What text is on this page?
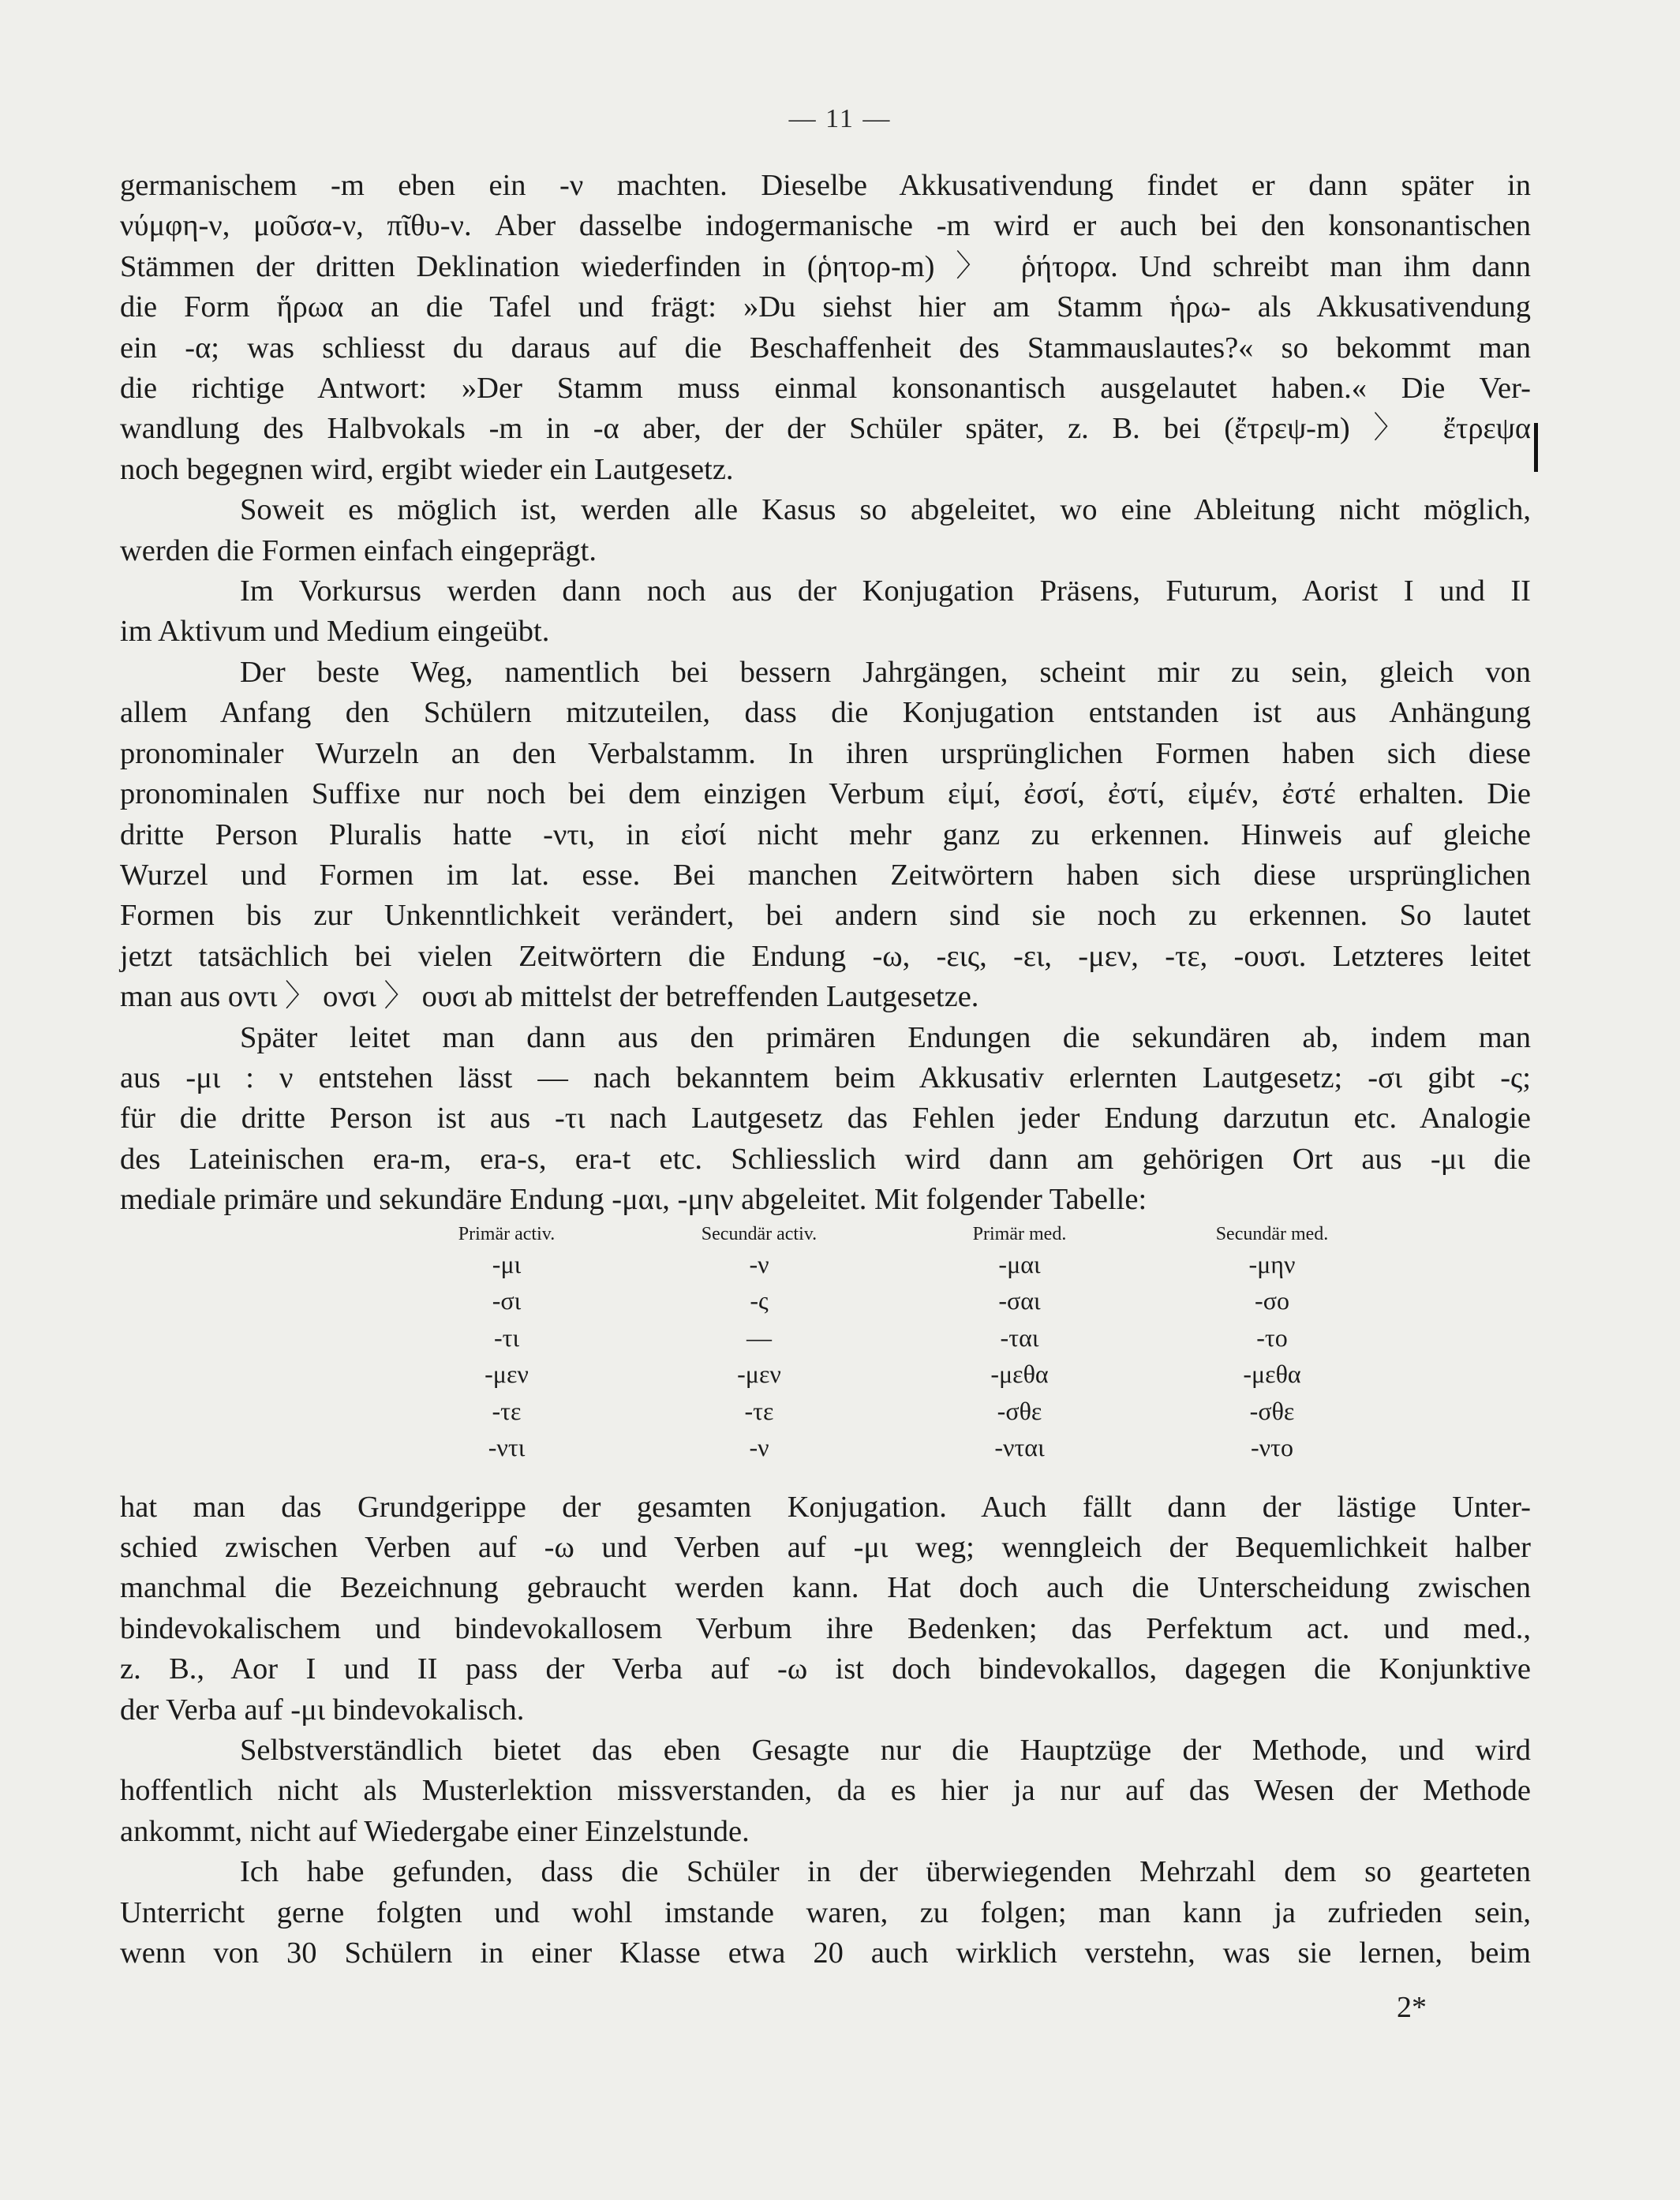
— 11 —
germanischem -m eben ein -ν machten. Dieselbe Akkusativendung findet er dann später in
νύμφη-ν, μοῦσα-ν, πῖθυ-ν. Aber dasselbe indogermanische -m wird er auch bei den konsonantischen
Stämmen der dritten Deklination wiederfinden in (ῥητορ-m) 〉 ῥήτορα. Und schreibt man ihm dann
die Form ἥρωα an die Tafel und frägt: »Du siehst hier am Stamm ἡρω- als Akkusativendung
ein -α; was schliesst du daraus auf die Beschaffenheit des Stammauslautes?« so bekommt man
die richtige Antwort: »Der Stamm muss einmal konsonantisch ausgelautet haben.« Die Ver-
wandlung des Halbvokals -m in -α aber, der der Schüler später, z. B. bei (ἔτρεψ-m) 〉 ἔτρεψα
noch begegnen wird, ergibt wieder ein Lautgesetz.
Soweit es möglich ist, werden alle Kasus so abgeleitet, wo eine Ableitung nicht möglich,
werden die Formen einfach eingeprägt.
Im Vorkursus werden dann noch aus der Konjugation Präsens, Futurum, Aorist I und II
im Aktivum und Medium eingeübt.
Der beste Weg, namentlich bei bessern Jahrgängen, scheint mir zu sein, gleich von
allem Anfang den Schülern mitzuteilen, dass die Konjugation entstanden ist aus Anhängung
pronominaler Wurzeln an den Verbalstamm. In ihren ursprünglichen Formen haben sich diese
pronominalen Suffixe nur noch bei dem einzigen Verbum εἰμί, ἐσσί, ἐστί, εἰμέν, ἐστέ erhalten. Die
dritte Person Pluralis hatte -ντι, in εἰσί nicht mehr ganz zu erkennen. Hinweis auf gleiche
Wurzel und Formen im lat. esse. Bei manchen Zeitwörtern haben sich diese ursprünglichen
Formen bis zur Unkenntlichkeit verändert, bei andern sind sie noch zu erkennen. So lautet
jetzt tatsächlich bei vielen Zeitwörtern die Endung -ω, -εις, -ει, -μεν, -τε, -ουσι. Letzteres leitet
man aus οντι 〉 ονσι 〉 ουσι ab mittelst der betreffenden Lautgesetze.
Später leitet man dann aus den primären Endungen die sekundären ab, indem man
aus -μι : ν entstehen lässt — nach bekanntem beim Akkusativ erlernten Lautgesetz; -σι gibt -ς;
für die dritte Person ist aus -τι nach Lautgesetz das Fehlen jeder Endung darzutun etc. Analogie
des Lateinischen era-m, era-s, era-t etc. Schliesslich wird dann am gehörigen Ort aus -μι die
mediale primäre und sekundäre Endung -μαι, -μην abgeleitet. Mit folgender Tabelle:
Primär activ.
-μι
-σι
-τι
-μεν
-τε
-ντι
Secundär activ.
-ν
-ς
—
-μεν
-τε
-ν
Primär med.
-μαι
-σαι
-ται
-μεθα
-σθε
-νται
Secundär med.
-μην
-σο
-το
-μεθα
-σθε
-ντο
hat man das Grundgerippe der gesamten Konjugation. Auch fällt dann der lästige Unter-
schied zwischen Verben auf -ω und Verben auf -μι weg; wenngleich der Bequemlichkeit halber
manchmal die Bezeichnung gebraucht werden kann. Hat doch auch die Unterscheidung zwischen
bindevokalischem und bindevokallosem Verbum ihre Bedenken; das Perfektum act. und med.,
z. B., Aor I und II pass der Verba auf -ω ist doch bindevokallos, dagegen die Konjunktive
der Verba auf -μι bindevokalisch.
Selbstverständlich bietet das eben Gesagte nur die Hauptzüge der Methode, und wird
hoffentlich nicht als Musterlektion missverstanden, da es hier ja nur auf das Wesen der Methode
ankommt, nicht auf Wiedergabe einer Einzelstunde.
Ich habe gefunden, dass die Schüler in der überwiegenden Mehrzahl dem so gearteten
Unterricht gerne folgten und wohl imstande waren, zu folgen; man kann ja zufrieden sein,
wenn von 30 Schülern in einer Klasse etwa 20 auch wirklich verstehn, was sie lernen, beim
2*
